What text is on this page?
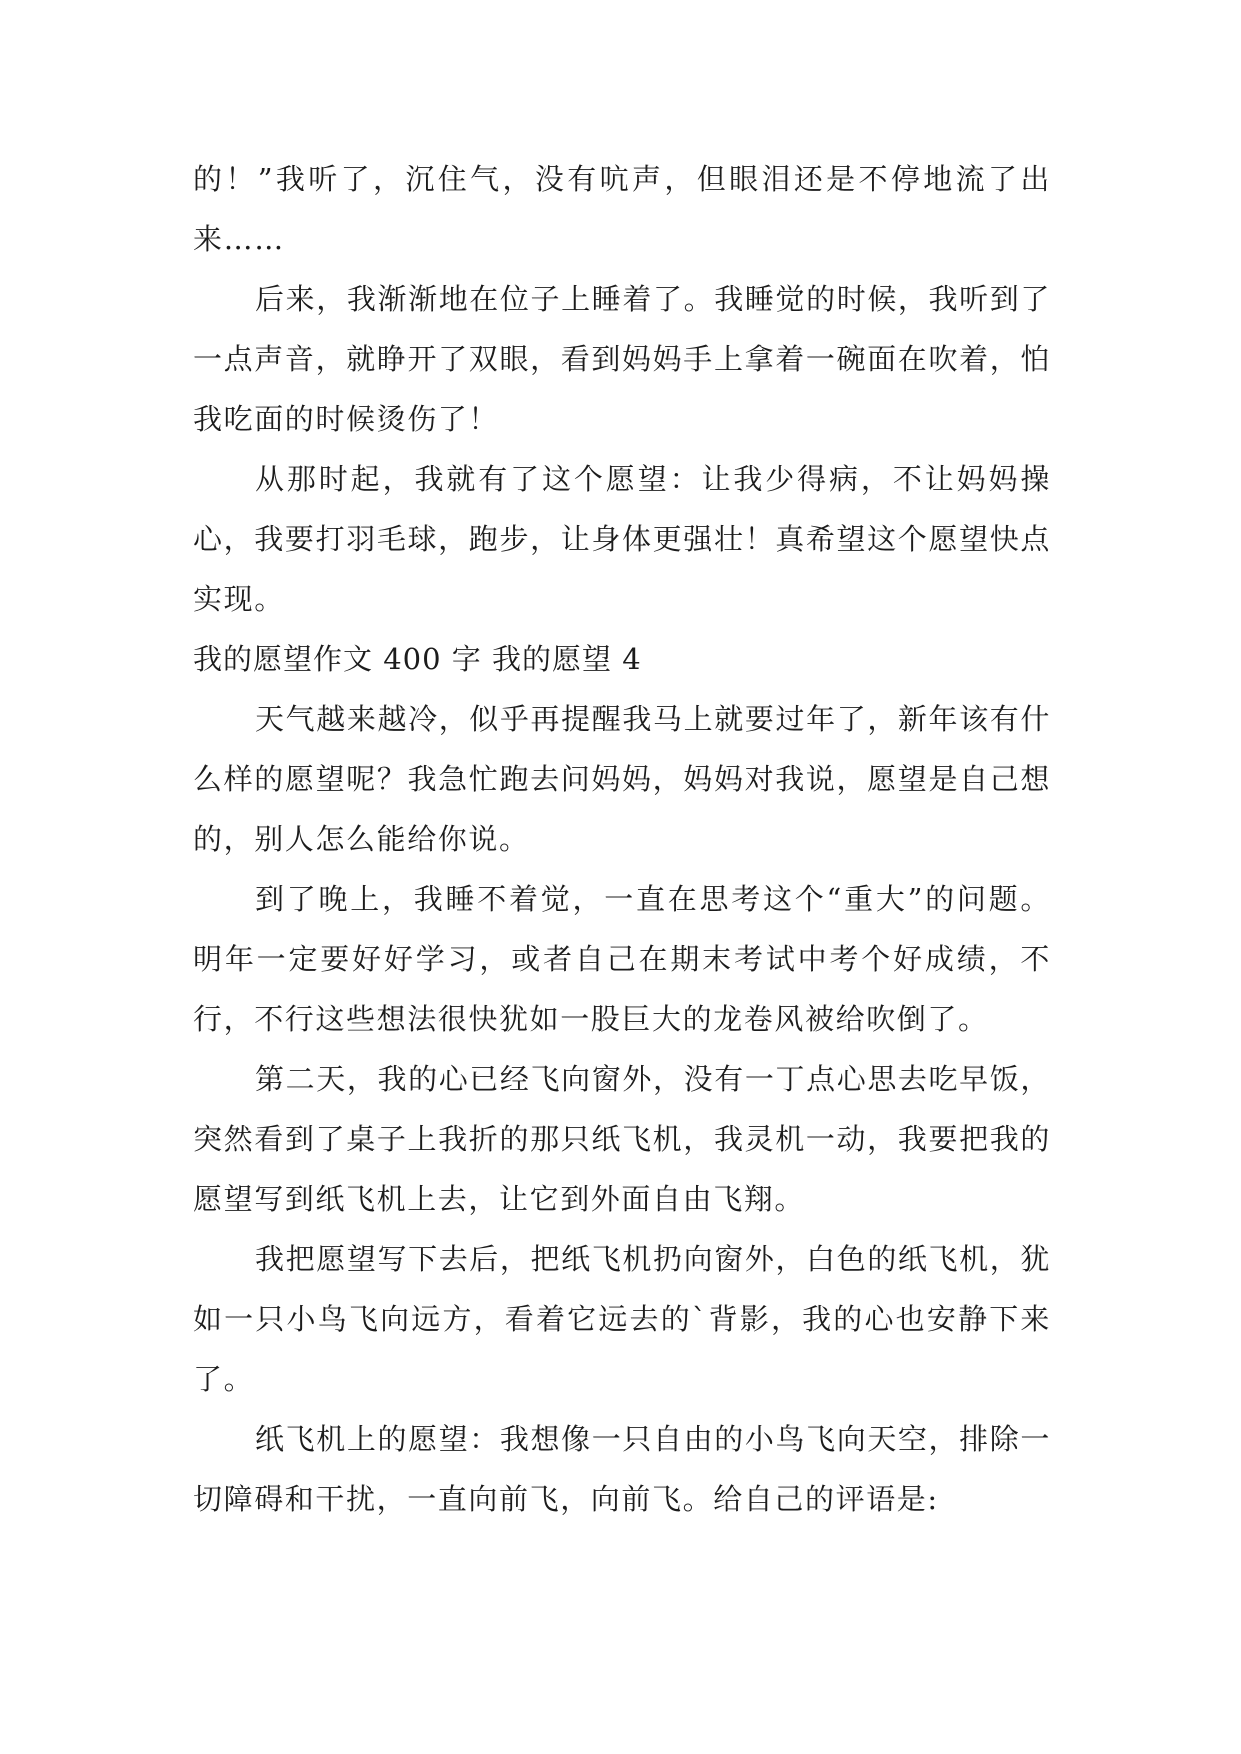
的！”我听了，沉住气，没有吭声，但眼泪还是不停地流了出来……

后来，我渐渐地在位子上睡着了。我睡觉的时候，我听到了一点声音，就睁开了双眼，看到妈妈手上拿着一碗面在吹着，怕我吃面的时候烫伤了！

从那时起，我就有了这个愿望：让我少得病，不让妈妈操心，我要打羽毛球，跑步，让身体更强壮！真希望这个愿望快点实现。

我的愿望作文 400 字 我的愿望 4

天气越来越冷，似乎再提醒我马上就要过年了，新年该有什么样的愿望呢？我急忙跑去问妈妈，妈妈对我说，愿望是自己想的，别人怎么能给你说。

到了晚上，我睡不着觉，一直在思考这个“重大”的问题。明年一定要好好学习，或者自己在期末考试中考个好成绩，不行，不行这些想法很快犹如一股巨大的龙卷风被给吹倒了。

第二天，我的心已经飞向窗外，没有一丁点心思去吃早饭，突然看到了桌子上我折的那只纸飞机，我灵机一动，我要把我的愿望写到纸飞机上去，让它到外面自由飞翔。

我把愿望写下去后，把纸飞机扔向窗外，白色的纸飞机，犹如一只小鸟飞向远方，看着它远去的`背影，我的心也安静下来了。

纸飞机上的愿望：我想像一只自由的小鸟飞向天空，排除一切障碍和干扰，一直向前飞，向前飞。给自己的评语是:
